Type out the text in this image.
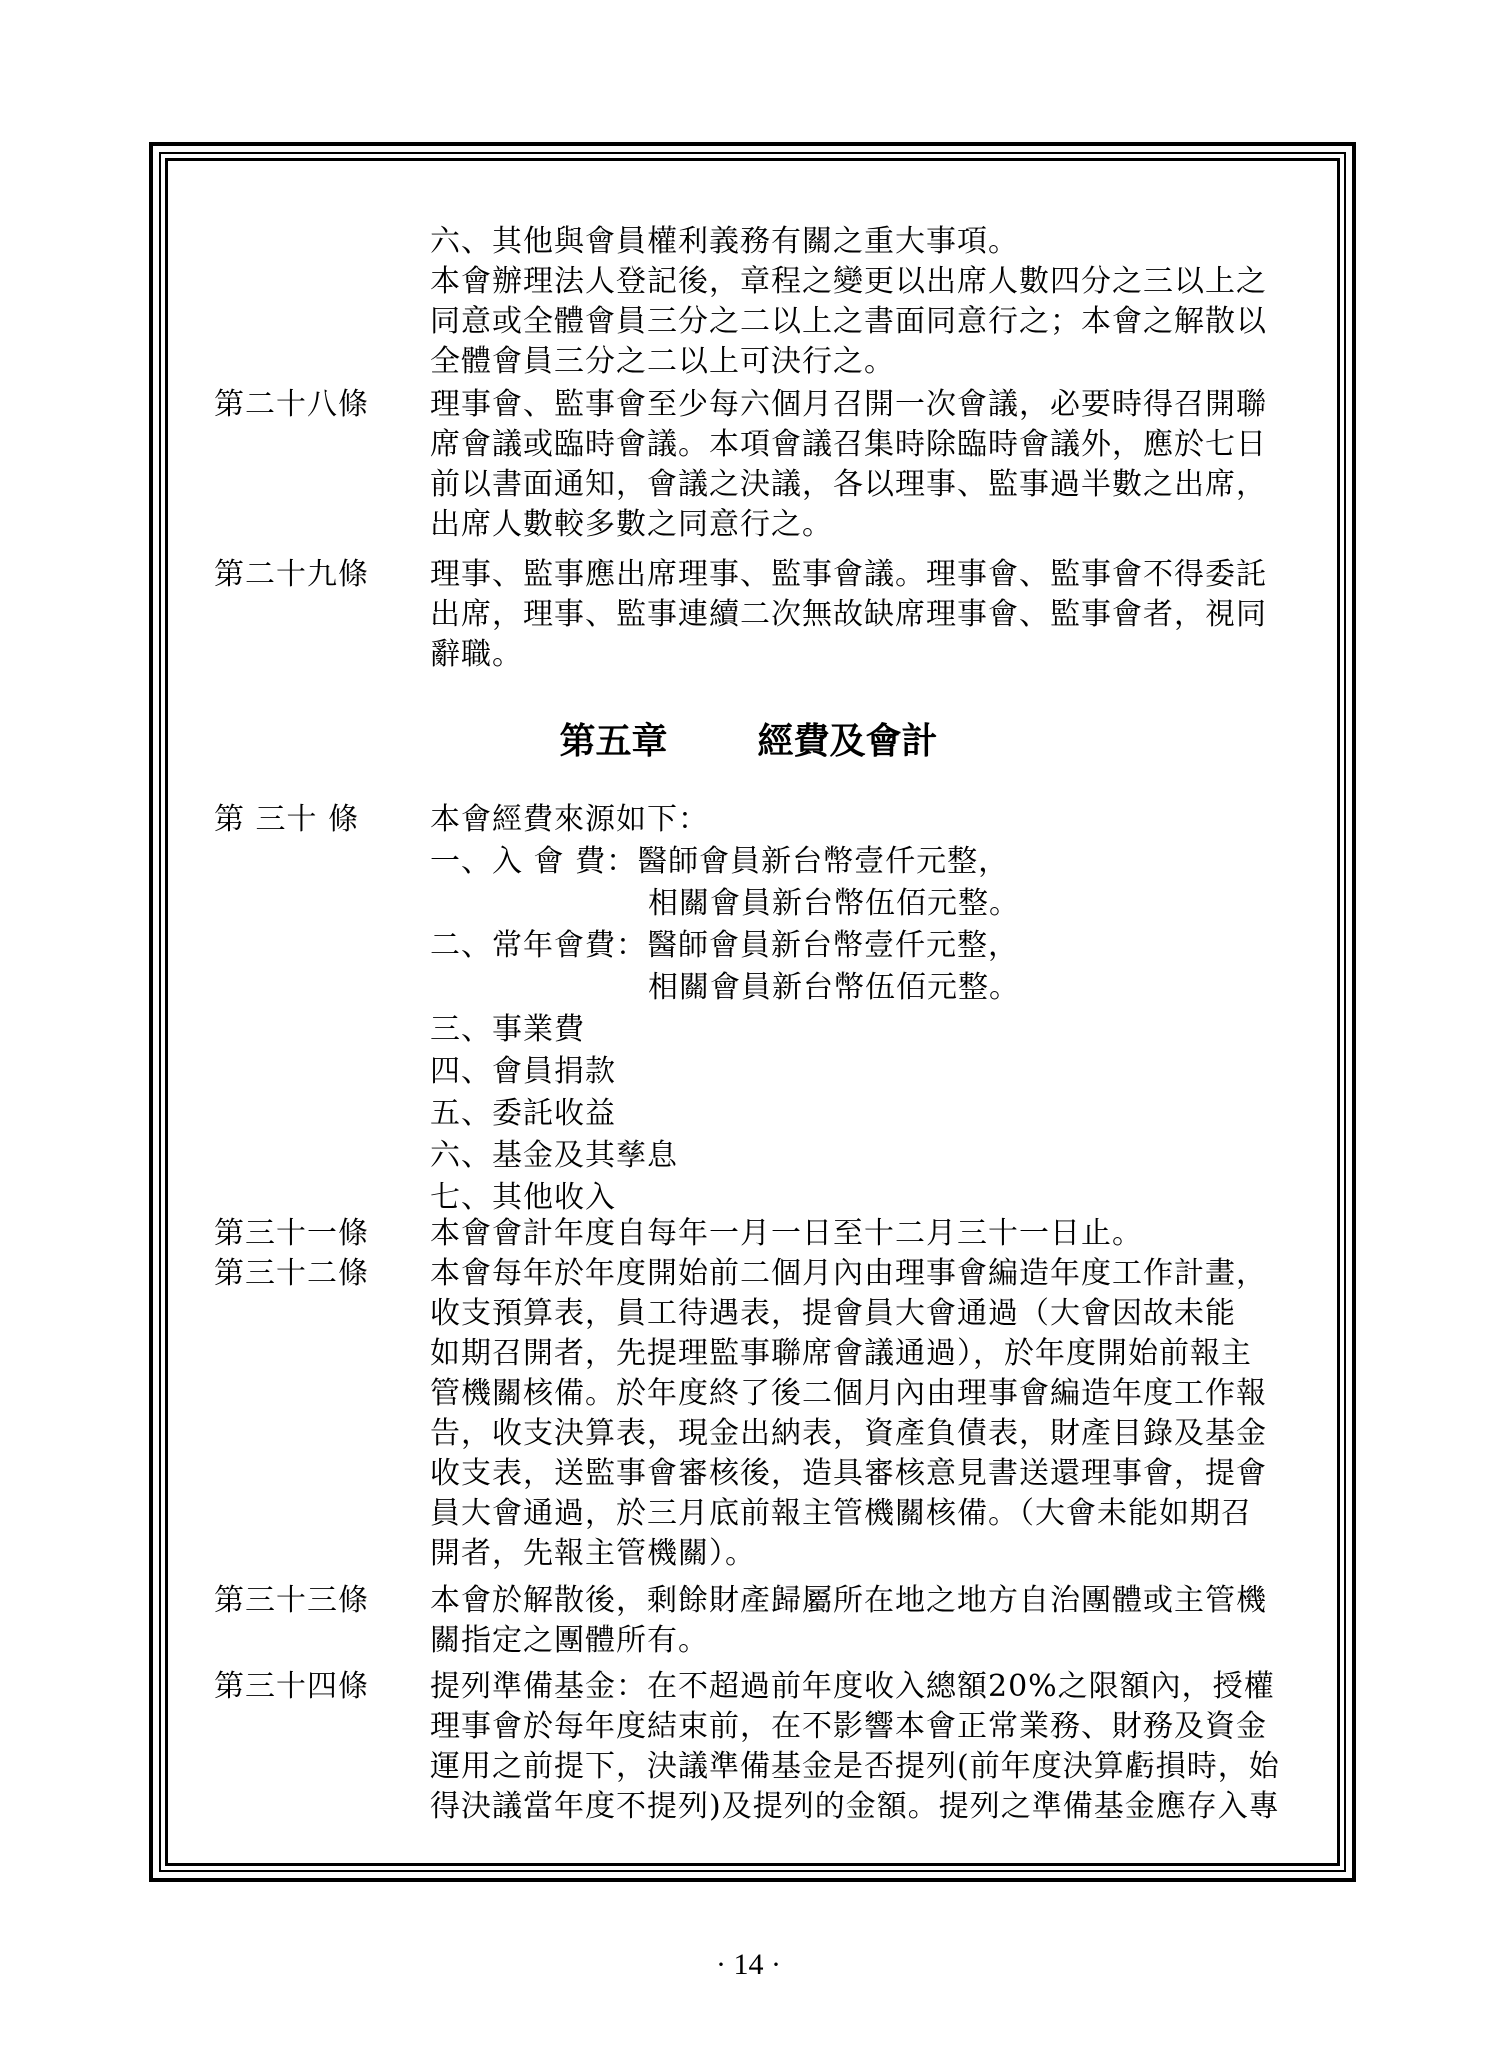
六、其他與會員權利義務有關之重大事項。
本會辦理法人登記後，章程之變更以出席人數四分之三以上之
同意或全體會員三分之二以上之書面同意行之；本會之解散以
全體會員三分之二以上可決行之。
第二十八條 理事會、監事會至少每六個月召開一次會議，必要時得召開聯
席會議或臨時會議。本項會議召集時除臨時會議外，應於七日
前以書面通知，會議之決議，各以理事、監事過半數之出席，
出席人數較多數之同意行之。
第二十九條 理事、監事應出席理事、監事會議。理事會、監事會不得委託
出席，理事、監事連續二次無故缺席理事會、監事會者，視同
辭職。
第五章	經費及會計
第 三十 條 本會經費來源如下：
一、入 會 費：醫師會員新台幣壹仟元整，
相關會員新台幣伍佰元整。
二、常年會費：醫師會員新台幣壹仟元整，
相關會員新台幣伍佰元整。
三、事業費
四、會員捐款
五、委託收益
六、基金及其孳息
七、其他收入
第三十一條 本會會計年度自每年一月一日至十二月三十一日止。
第三十二條 本會每年於年度開始前二個月內由理事會編造年度工作計畫，
收支預算表，員工待遇表，提會員大會通過（大會因故未能
如期召開者，先提理監事聯席會議通過），於年度開始前報主
管機關核備。於年度終了後二個月內由理事會編造年度工作報
告，收支決算表，現金出納表，資產負債表，財產目錄及基金
收支表，送監事會審核後，造具審核意見書送還理事會，提會
員大會通過，於三月底前報主管機關核備。（大會未能如期召
開者，先報主管機關）。
第三十三條 本會於解散後，剩餘財產歸屬所在地之地方自治團體或主管機
關指定之團體所有。
第三十四條 提列準備基金：在不超過前年度收入總額20%之限額內，授權
理事會於每年度結束前，在不影響本會正常業務、財務及資金
運用之前提下，決議準備基金是否提列(前年度決算虧損時，始
得決議當年度不提列)及提列的金額。提列之準備基金應存入專
· 14 ·
